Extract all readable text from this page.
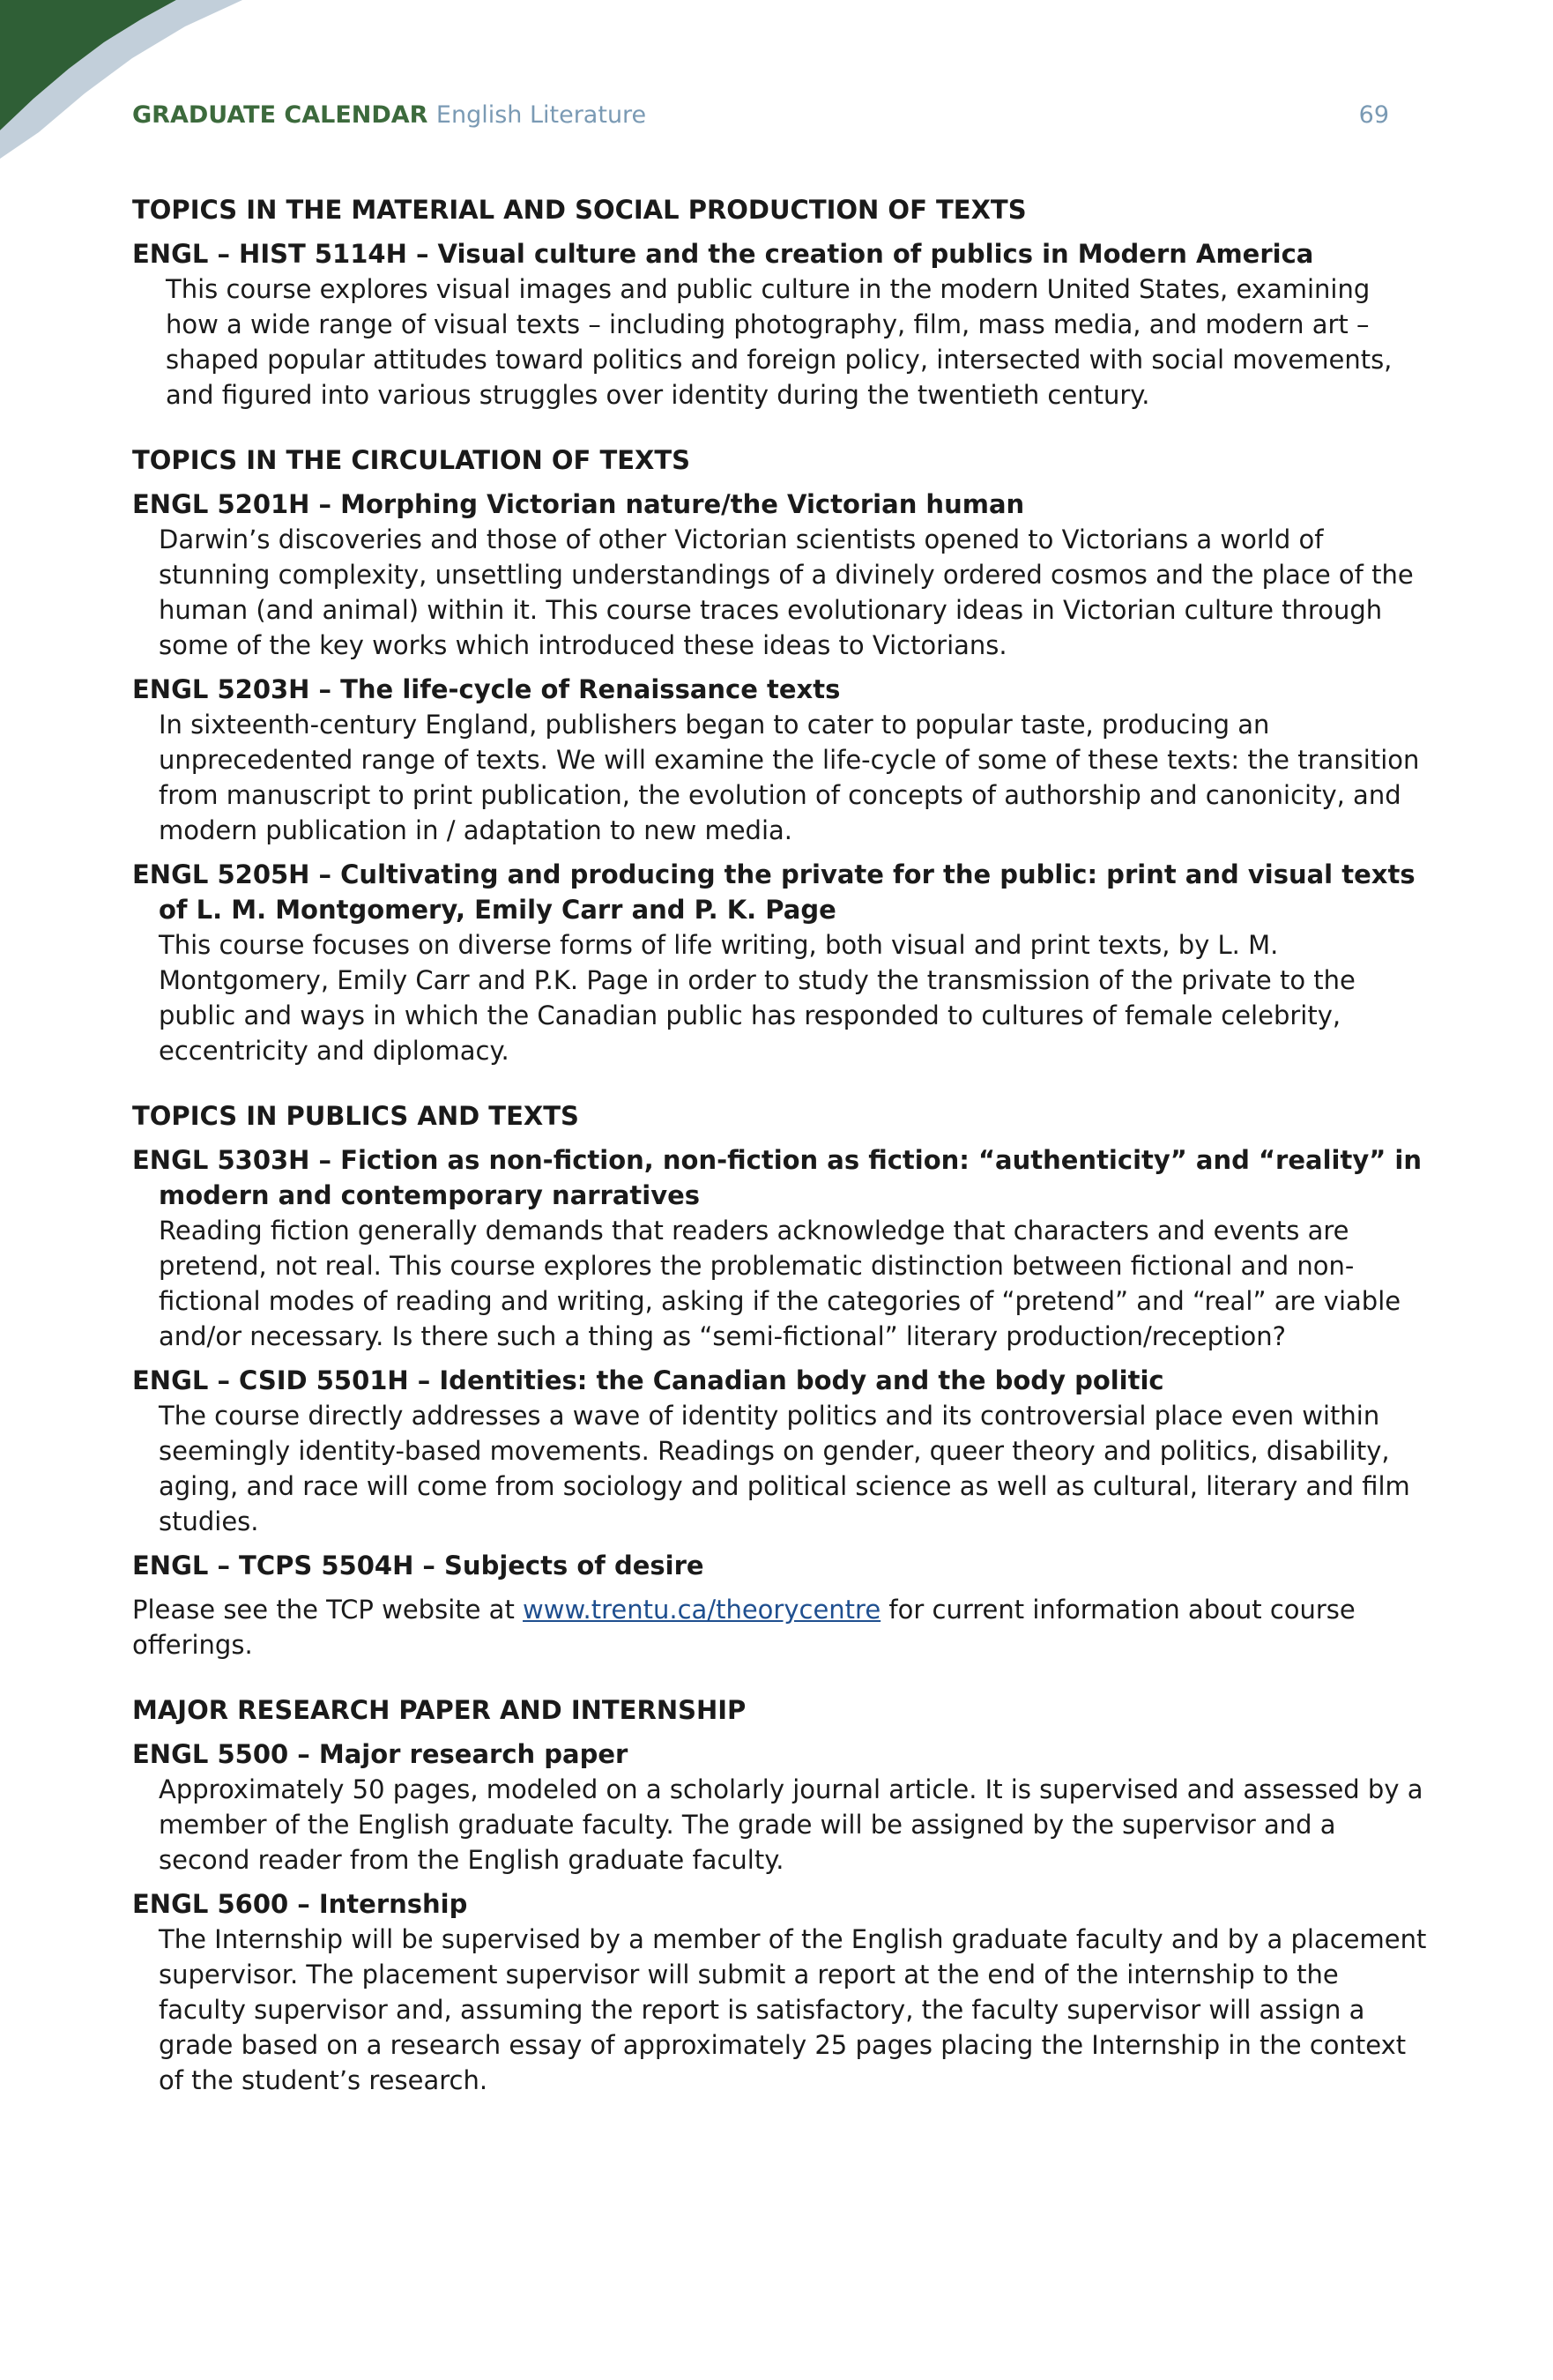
GRADUATE CALENDAR English Literature	69
TOPICS IN THE MATERIAL AND SOCIAL PRODUCTION OF TEXTS
ENGL – HIST 5114H – Visual culture and the creation of publics in Modern America
This course explores visual images and public culture in the modern United States, examining how a wide range of visual texts – including photography, film, mass media, and modern art – shaped popular attitudes toward politics and foreign policy, intersected with social movements, and figured into various struggles over identity during the twentieth century.
TOPICS IN THE CIRCULATION OF TEXTS
ENGL 5201H – Morphing Victorian nature/the Victorian human
Darwin’s discoveries and those of other Victorian scientists opened to Victorians a world of stunning complexity, unsettling understandings of a divinely ordered cosmos and the place of the human (and animal) within it. This course traces evolutionary ideas in Victorian culture through some of the key works which introduced these ideas to Victorians.
ENGL 5203H – The life-cycle of Renaissance texts
In sixteenth-century England, publishers began to cater to popular taste, producing an unprecedented range of texts. We will examine the life-cycle of some of these texts: the transition from manuscript to print publication, the evolution of concepts of authorship and canonicity, and modern publication in / adaptation to new media.
ENGL 5205H – Cultivating and producing the private for the public: print and visual texts of L. M. Montgomery, Emily Carr and P. K. Page
This course focuses on diverse forms of life writing, both visual and print texts, by L. M. Montgomery, Emily Carr and P.K. Page in order to study the transmission of the private to the public and ways in which the Canadian public has responded to cultures of female celebrity, eccentricity and diplomacy.
TOPICS IN PUBLICS AND TEXTS
ENGL 5303H – Fiction as non-fiction, non-fiction as fiction: “authenticity” and “reality” in modern and contemporary narratives
Reading fiction generally demands that readers acknowledge that characters and events are pretend, not real. This course explores the problematic distinction between fictional and non-fictional modes of reading and writing, asking if the categories of “pretend” and “real” are viable and/or necessary. Is there such a thing as “semi-fictional” literary production/reception?
ENGL – CSID 5501H – Identities: the Canadian body and the body politic
The course directly addresses a wave of identity politics and its controversial place even within seemingly identity-based movements. Readings on gender, queer theory and politics, disability, aging, and race will come from sociology and political science as well as cultural, literary and film studies.
ENGL – TCPS 5504H – Subjects of desire
Please see the TCP website at www.trentu.ca/theorycentre for current information about course offerings.
MAJOR RESEARCH PAPER AND INTERNSHIP
ENGL 5500 – Major research paper
Approximately 50 pages, modeled on a scholarly journal article. It is supervised and assessed by a member of the English graduate faculty. The grade will be assigned by the supervisor and a second reader from the English graduate faculty.
ENGL 5600 – Internship
The Internship will be supervised by a member of the English graduate faculty and by a placement supervisor. The placement supervisor will submit a report at the end of the internship to the faculty supervisor and, assuming the report is satisfactory, the faculty supervisor will assign a grade based on a research essay of approximately 25 pages placing the Internship in the context of the student’s research.
